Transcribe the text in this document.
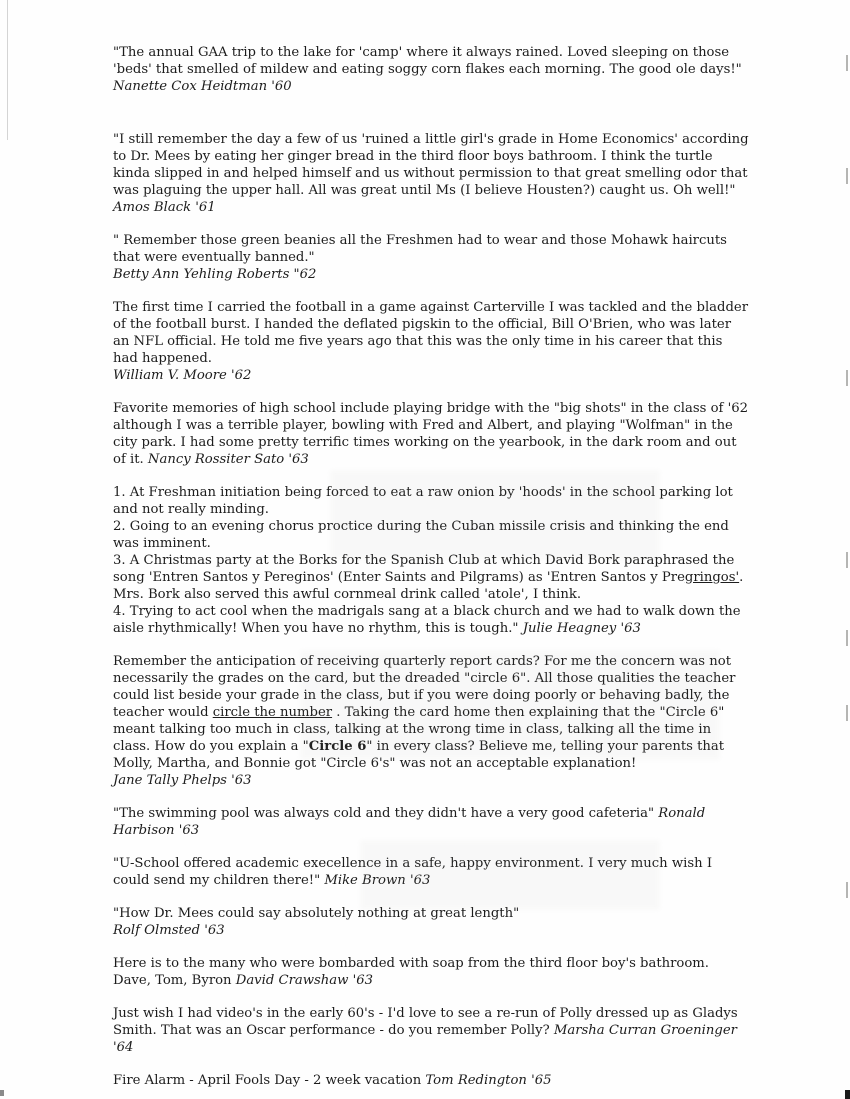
"The annual GAA trip to the lake for 'camp' where it always rained. Loved sleeping on those 'beds' that smelled of mildew and eating soggy corn flakes each morning. The good ole days!" Nanette Cox Heidtman '60

"I still remember the day a few of us 'ruined a little girl's grade in Home Economics' according to Dr. Mees by eating her ginger bread in the third floor boys bathroom. I think the turtle kinda slipped in and helped himself and us without permission to that great smelling odor that was plaguing the upper hall. All was great until Ms (I believe Housten?) caught us. Oh well!" Amos Black '61

" Remember those green beanies all the Freshmen had to wear and those Mohawk haircuts that were eventually banned."
Betty Ann Yehling Roberts "62

The first time I carried the football in a game against Carterville I was tackled and the bladder of the football burst. I handed the deflated pigskin to the official, Bill O'Brien, who was later an NFL official. He told me five years ago that this was the only time in his career that this had happened.
William V. Moore '62

Favorite memories of high school include playing bridge with the "big shots" in the class of '62 although I was a terrible player, bowling with Fred and Albert, and playing "Wolfman" in the city park. I had some pretty terrific times working on the yearbook, in the dark room and out of it. Nancy Rossiter Sato '63

1. At Freshman initiation being forced to eat a raw onion by 'hoods' in the school parking lot and not really minding.
2. Going to an evening chorus proctice during the Cuban missile crisis and thinking the end was imminent.
3. A Christmas party at the Borks for the Spanish Club at which David Bork paraphrased the song 'Entren Santos y Pereginos' (Enter Saints and Pilgrams) as 'Entren Santos y Pregringos'. Mrs. Bork also served this awful cornmeal drink called 'atole', I think.
4. Trying to act cool when the madrigals sang at a black church and we had to walk down the aisle rhythmically! When you have no rhythm, this is tough." Julie Heagney '63

Remember the anticipation of receiving quarterly report cards? For me the concern was not necessarily the grades on the card, but the dreaded "circle 6". All those qualities the teacher could list beside your grade in the class, but if you were doing poorly or behaving badly, the teacher would circle the number . Taking the card home then explaining that the "Circle 6" meant talking too much in class, talking at the wrong time in class, talking all the time in class. How do you explain a "Circle 6" in every class? Believe me, telling your parents that Molly, Martha, and Bonnie got "Circle 6's" was not an acceptable explanation!
Jane Tally Phelps '63

"The swimming pool was always cold and they didn't have a very good cafeteria" Ronald Harbison '63

"U-School offered academic execellence in a safe, happy environment. I very much wish I could send my children there!" Mike Brown '63

"How Dr. Mees could say absolutely nothing at great length"
Rolf Olmsted '63

Here is to the many who were bombarded with soap from the third floor boy's bathroom. Dave, Tom, Byron David Crawshaw '63

Just wish I had video's in the early 60's - I'd love to see a re-run of Polly dressed up as Gladys Smith. That was an Oscar performance - do you remember Polly? Marsha Curran Groeninger '64

Fire Alarm - April Fools Day - 2 week vacation Tom Redington '65
